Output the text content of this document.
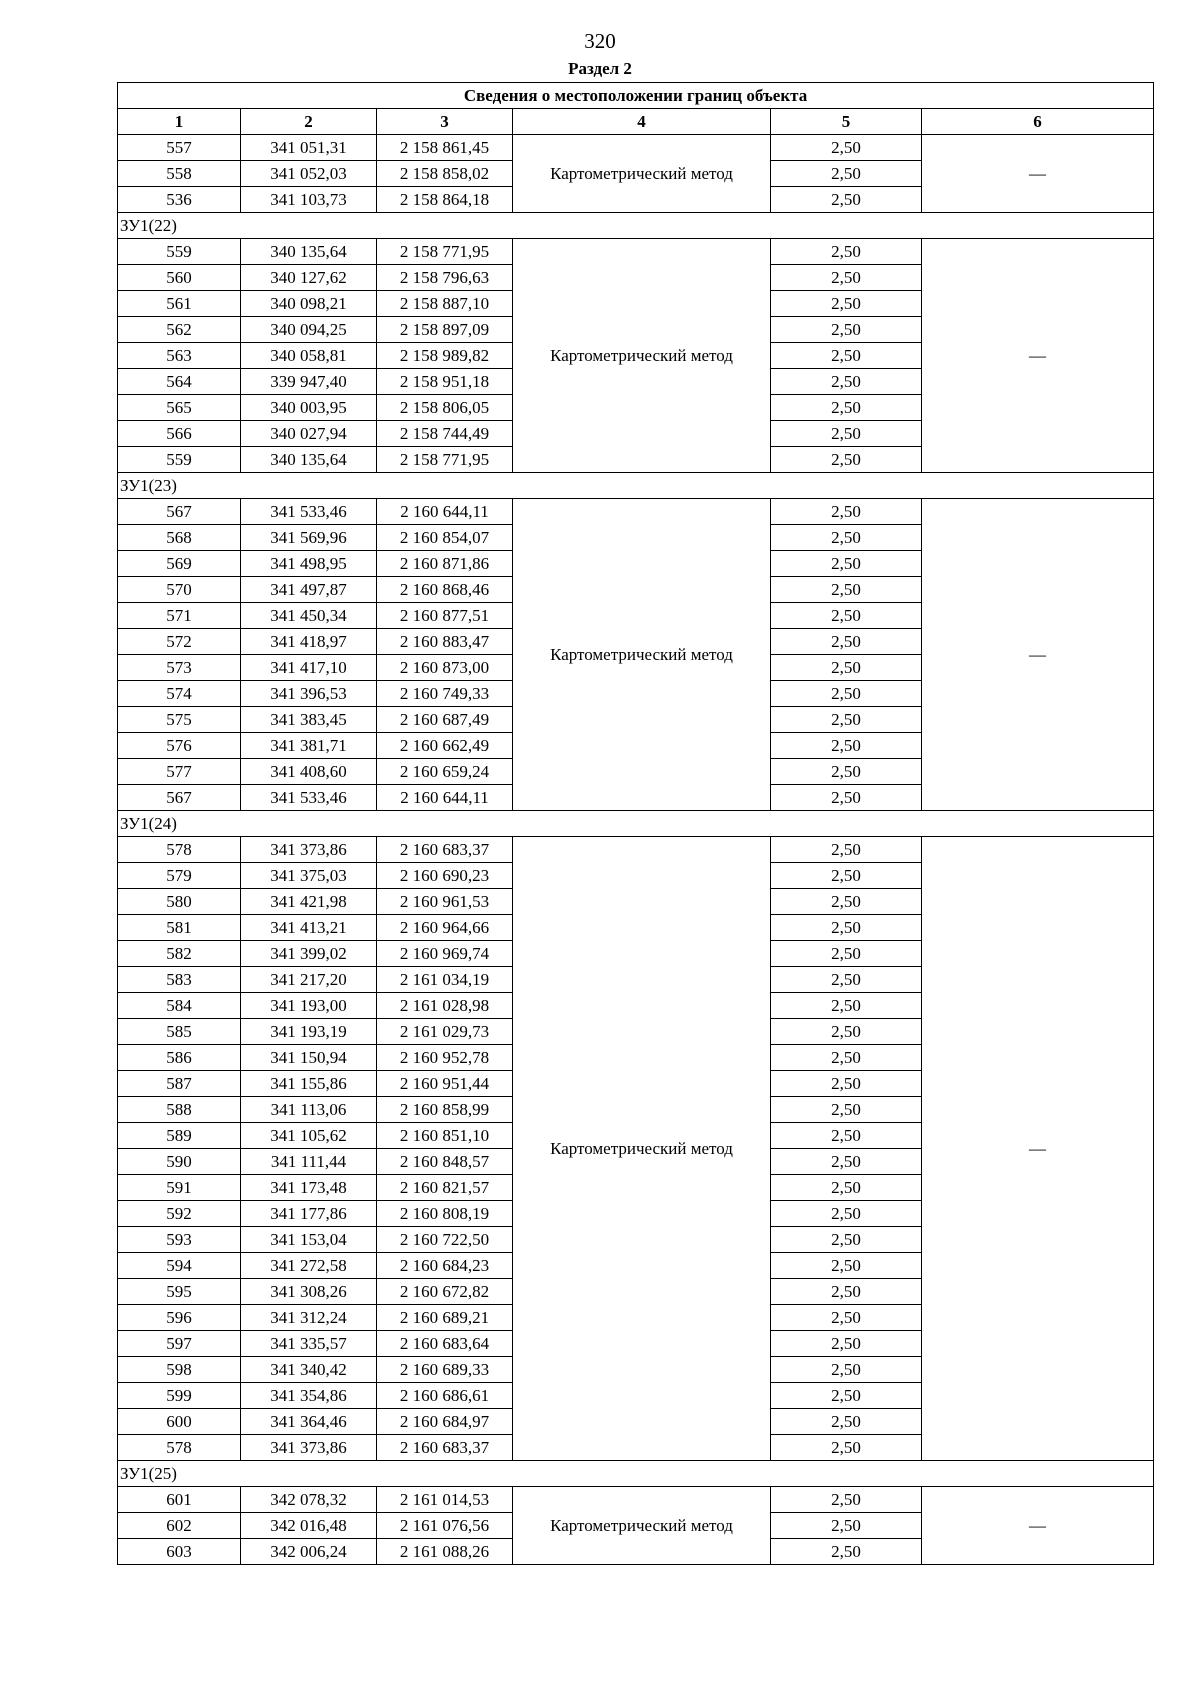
320
Раздел 2
Сведения о местоположении границ объекта					
1	2	3	4	5	6
557	341 051,31	2 158 861,45	Картометрический метод	2,50	—
558	341 052,03	2 158 858,02		2,50	
536	341 103,73	2 158 864,18		2,50	
ЗУ1(22)					
559	340 135,64	2 158 771,95	Картометрический метод	2,50	—
560	340 127,62	2 158 796,63		2,50	
561	340 098,21	2 158 887,10		2,50	
562	340 094,25	2 158 897,09		2,50	
563	340 058,81	2 158 989,82		2,50	
564	339 947,40	2 158 951,18		2,50	
565	340 003,95	2 158 806,05		2,50	
566	340 027,94	2 158 744,49		2,50	
559	340 135,64	2 158 771,95		2,50	
ЗУ1(23)					
567	341 533,46	2 160 644,11	Картометрический метод	2,50	—
568	341 569,96	2 160 854,07		2,50	
569	341 498,95	2 160 871,86		2,50	
570	341 497,87	2 160 868,46		2,50	
571	341 450,34	2 160 877,51		2,50	
572	341 418,97	2 160 883,47		2,50	
573	341 417,10	2 160 873,00		2,50	
574	341 396,53	2 160 749,33		2,50	
575	341 383,45	2 160 687,49		2,50	
576	341 381,71	2 160 662,49		2,50	
577	341 408,60	2 160 659,24		2,50	
567	341 533,46	2 160 644,11		2,50	
ЗУ1(24)					
578	341 373,86	2 160 683,37	Картометрический метод	2,50	—
579	341 375,03	2 160 690,23		2,50	
580	341 421,98	2 160 961,53		2,50	
581	341 413,21	2 160 964,66		2,50	
582	341 399,02	2 160 969,74		2,50	
583	341 217,20	2 161 034,19		2,50	
584	341 193,00	2 161 028,98		2,50	
585	341 193,19	2 161 029,73		2,50	
586	341 150,94	2 160 952,78		2,50	
587	341 155,86	2 160 951,44		2,50	
588	341 113,06	2 160 858,99		2,50	
589	341 105,62	2 160 851,10		2,50	
590	341 111,44	2 160 848,57		2,50	
591	341 173,48	2 160 821,57		2,50	
592	341 177,86	2 160 808,19		2,50	
593	341 153,04	2 160 722,50		2,50	
594	341 272,58	2 160 684,23		2,50	
595	341 308,26	2 160 672,82		2,50	
596	341 312,24	2 160 689,21		2,50	
597	341 335,57	2 160 683,64		2,50	
598	341 340,42	2 160 689,33		2,50	
599	341 354,86	2 160 686,61		2,50	
600	341 364,46	2 160 684,97		2,50	
578	341 373,86	2 160 683,37		2,50	
ЗУ1(25)					
601	342 078,32	2 161 014,53	Картометрический метод	2,50	—
602	342 016,48	2 161 076,56		2,50	
603	342 006,24	2 161 088,26		2,50	
